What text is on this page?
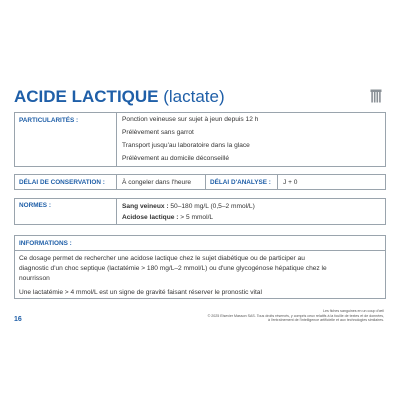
ACIDE LACTIQUE (lactate)
PARTICULARITÉS :	Ponction veineuse sur sujet à jeun depuis 12 h
Prélèvement sans garrot
Transport jusqu'au laboratoire dans la glace
Prélèvement au domicile déconseillé
DÉLAI DE CONSERVATION :	À congeler dans l'heure	DÉLAI D'ANALYSE : J + 0
NORMES :	Sang veineux : 50–180 mg/L (0,5–2 mmol/L)
Acidose lactique : > 5 mmol/L
INFORMATIONS :
Ce dosage permet de rechercher une acidose lactique chez le sujet diabétique ou de participer au
diagnostic d'un choc septique (lactatémie > 180 mg/L–2 mmol/L) ou d'une glycogénose hépatique chez le
nourrisson
Une lactatémie > 4 mmol/L est un signe de gravité faisant réserver le pronostic vital
16
Les fiches sanguines en un coup d'œil
© 2025 Elsevier Masson SAS. Tous droits réservés, y compris ceux relatifs à la fouille de textes et de données,
à l'entraînement de l'intelligence artificielle et aux technologies similaires.
